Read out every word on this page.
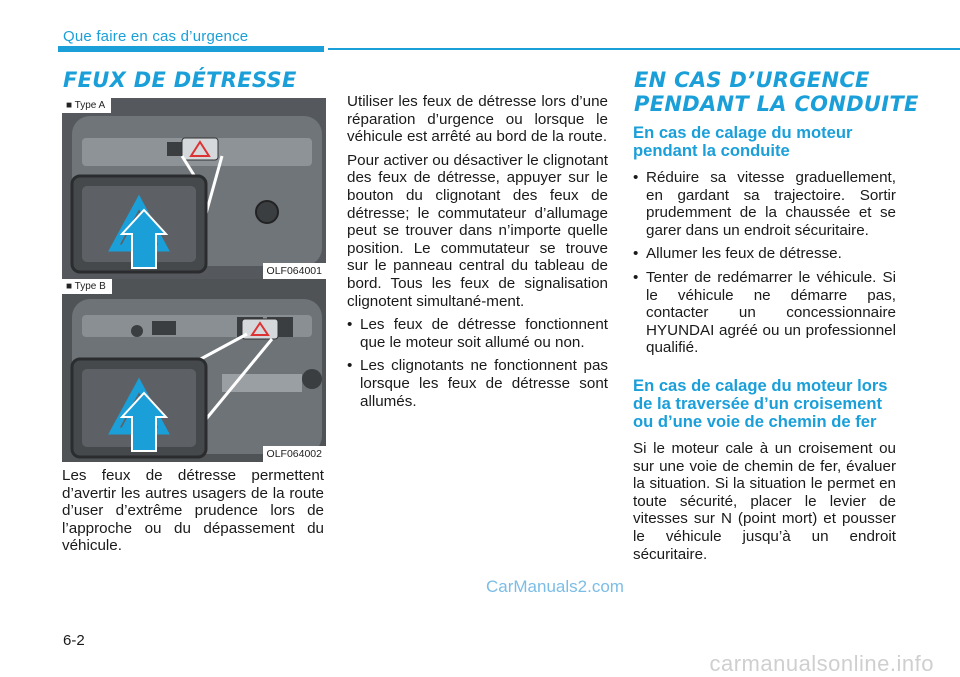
Que faire en cas d’urgence
FEUX DE DÉTRESSE
■ Type A
OLF064001
■ Type B
OLF064002

Les feux de détresse permettent d’avertir les autres usagers de la route d’user d’extrême prudence lors de l’approche ou du dépassement du véhicule.

Utiliser les feux de détresse lors d’une réparation d’urgence ou lorsque le véhicule est arrêté au bord de la route.

Pour activer ou désactiver le clignotant des feux de détresse, appuyer sur le bouton du clignotant des feux de détresse; le commutateur d’allumage peut se trouver dans n’importe quelle position. Le commutateur se trouve sur le panneau central du tableau de bord. Tous les feux de signalisation clignotent simultané-ment.

• Les feux de détresse fonctionnent que le moteur soit allumé ou non.
• Les clignotants ne fonctionnent pas lorsque les feux de détresse sont allumés.
EN CAS D’URGENCE
PENDANT LA CONDUITE

En cas de calage du moteur pendant la conduite

• Réduire sa vitesse graduellement, en gardant sa trajectoire. Sortir prudemment de la chaussée et se garer dans un endroit sécuritaire.
• Allumer les feux de détresse.
• Tenter de redémarrer le véhicule. Si le véhicule ne démarre pas, contacter un concessionnaire HYUNDAI agréé ou un professionnel qualifié.

En cas de calage du moteur lors de la traversée d’un croisement ou d’une voie de chemin de fer

Si le moteur cale à un croisement ou sur une voie de chemin de fer, évaluer la situation. Si la situation le permet en toute sécurité, placer le levier de vitesses sur N (point mort) et pousser le véhicule jusqu’à un endroit sécuritaire.

6-2
CarManuals2.com
carmanualsonline.info
